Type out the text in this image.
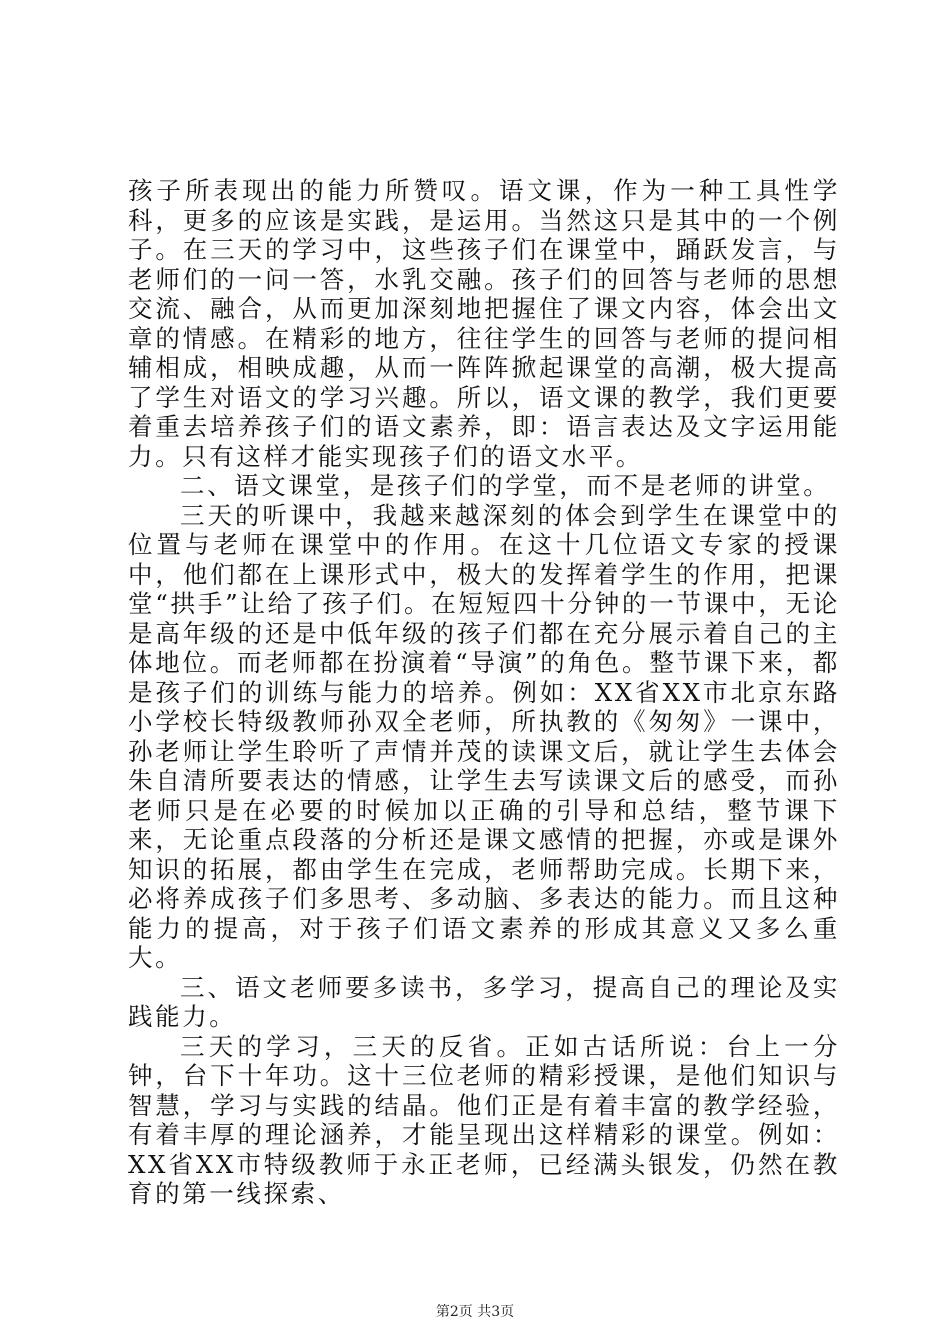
孩子所表现出的能力所赞叹。语文课，作为一种工具性学科，更多的应该是实践，是运用。当然这只是其中的一个例子。在三天的学习中，这些孩子们在课堂中，踊跃发言，与老师们的一问一答，水乳交融。孩子们的回答与老师的思想交流、融合，从而更加深刻地把握住了课文内容，体会出文章的情感。在精彩的地方，往往学生的回答与老师的提问相辅相成，相映成趣，从而一阵阵掀起课堂的高潮，极大提高了学生对语文的学习兴趣。所以，语文课的教学，我们更要着重去培养孩子们的语文素养，即：语言表达及文字运用能力。只有这样才能实现孩子们的语文水平。

二、语文课堂，是孩子们的学堂，而不是老师的讲堂。

三天的听课中，我越来越深刻的体会到学生在课堂中的位置与老师在课堂中的作用。在这十几位语文专家的授课中，他们都在上课形式中，极大的发挥着学生的作用，把课堂“拱手”让给了孩子们。在短短四十分钟的一节课中，无论是高年级的还是中低年级的孩子们都在充分展示着自己的主体地位。而老师都在扮演着“导演”的角色。整节课下来，都是孩子们的训练与能力的培养。例如：XX省XX市北京东路小学校长特级教师孙双全老师，所执教的《匆匆》一课中，孙老师让学生聆听了声情并茂的读课文后，就让学生去体会朱自清所要表达的情感，让学生去写读课文后的感受，而孙老师只是在必要的时候加以正确的引导和总结，整节课下来，无论重点段落的分析还是课文感情的把握，亦或是课外知识的拓展，都由学生在完成，老师帮助完成。长期下来，必将养成孩子们多思考、多动脑、多表达的能力。而且这种能力的提高，对于孩子们语文素养的形成其意义又多么重大。

三、语文老师要多读书，多学习，提高自己的理论及实践能力。

三天的学习，三天的反省。正如古话所说：台上一分钟，台下十年功。这十三位老师的精彩授课，是他们知识与智慧，学习与实践的结晶。他们正是有着丰富的教学经验，有着丰厚的理论涵养，才能呈现出这样精彩的课堂。例如：XX省XX市特级教师于永正老师，已经满头银发，仍然在教育的第一线探索、

第2页 共3页
